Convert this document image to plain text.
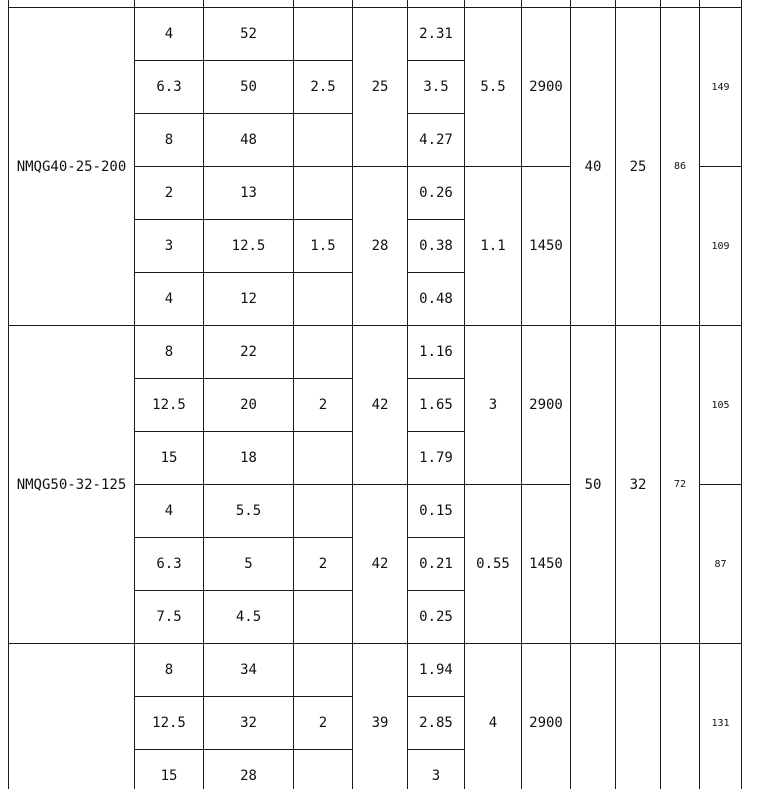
NMQG40-25-200	4	52		25	2.31	5.5	2900	40	25	86	149
	6.3	50	2.5		3.5						
	8	48			4.27						
	2	13		28	0.26	1.1	1450				109
	3	12.5	1.5		0.38						
	4	12			0.48						
NMQG50-32-125	8	22		42	1.16	3	2900	50	32	72	105
	12.5	20	2		1.65						
	15	18			1.79						
	4	5.5		42	0.15	0.55	1450				87
	6.3	5	2		0.21						
	7.5	4.5			0.25						
	8	34		39	1.94	4	2900				131
	12.5	32	2		2.85						
	15	28			3						
